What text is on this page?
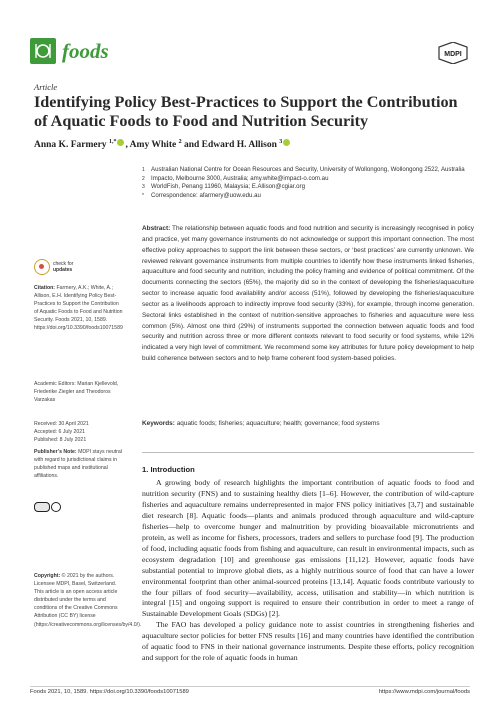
foods	MDPI
Article
Identifying Policy Best-Practices to Support the Contribution of Aquatic Foods to Food and Nutrition Security
Anna K. Farmery $^{1,*}$ , Amy White $^2$ and Edward H. Allison $^3$
1	Australian National Centre for Ocean Resources and Security, University of Wollongong, Wollongong 2522, Australia
2	Impacto, Melbourne 3000, Australia; amy.white@impact-o.com.au
3	WorldFish, Penang 11960, Malaysia; E.Allison@cgiar.org
*	Correspondence: afarmery@uow.edu.au
Abstract: The relationship between aquatic foods and food nutrition and security is increasingly recognised in policy and practice, yet many governance instruments do not acknowledge or support this important connection. The most effective policy approaches to support the link between these sectors, or ‘best practices’ are currently unknown. We reviewed relevant governance instruments from multiple countries to identify how these instruments linked fisheries, aquaculture and food security and nutrition, including the policy framing and evidence of political commitment. Of the documents connecting the sectors (65%), the majority did so in the context of developing the fisheries/aquaculture sector to increase aquatic food availability and/or access (51%), followed by developing the fisheries/aquaculture sector as a livelihoods approach to indirectly improve food security (33%), for example, through income generation. Sectoral links established in the context of nutrition-sensitive approaches to fisheries and aquaculture were less common (5%). Almost one third (29%) of instruments supported the connection between aquatic foods and food security and nutrition across three or more different contexts relevant to food security or food systems, while 12% indicated a very high level of commitment. We recommend some key attributes for future policy development to help build coherence between sectors and to help frame coherent food system-based policies.
Keywords: aquatic foods; fisheries; aquaculture; health; governance; food systems
check for
updates
Citation: Farmery, A.K.; White, A.; Allison, E.H. Identifying Policy Best-Practices to Support the Contribution of Aquatic Foods to Food and Nutrition Security. Foods 2021, 10, 1589. https://doi.org/10.3390/foods10071589
Academic Editors: Marian Kjellevold, Friederike Ziegler and Theodoros Varzakas
Received: 30 April 2021
Accepted: 6 July 2021
Published: 8 July 2021
Publisher’s Note: MDPI stays neutral with regard to jurisdictional claims in published maps and institutional affiliations.
Copyright: © 2021 by the authors. Licensee MDPI, Basel, Switzerland. This article is an open access article distributed under the terms and conditions of the Creative Commons Attribution (CC BY) license (https://creativecommons.org/licenses/by/4.0/).
1. Introduction

A growing body of research highlights the important contribution of aquatic foods to food and nutrition security (FNS) and to sustaining healthy diets [1–6]. However, the contribution of wild-capture fisheries and aquaculture remains underrepresented in major FNS policy initiatives [3,7] and sustainable diet research [8]. Aquatic foods—plants and animals produced through aquaculture and wild-capture fisheries—help to overcome hunger and malnutrition by providing bioavailable micronutrients and protein, as well as income for fishers, processors, traders and sellers to purchase food [9]. The production of food, including aquatic foods from fishing and aquaculture, can result in environmental impacts, such as ecosystem degradation [10] and greenhouse gas emissions [11,12]. However, aquatic foods have substantial potential to improve global diets, as a highly nutritious source of food that can have a lower environmental footprint than other animal-sourced proteins [13,14]. Aquatic foods contribute variously to the four pillars of food security—availability, access, utilisation and stability—in which nutrition is integral [15] and ongoing support is required to ensure their contribution in order to meet a range of Sustainable Development Goals (SDGs) [2].

The FAO has developed a policy guidance note to assist countries in strengthening fisheries and aquaculture sector policies for better FNS results [16] and many countries have identified the contribution of aquatic food to FNS in their national governance instruments. Despite these efforts, policy recognition and support for the role of aquatic foods in human

Foods 2021, 10, 1589. https://doi.org/10.3390/foods10071589	https://www.mdpi.com/journal/foods
